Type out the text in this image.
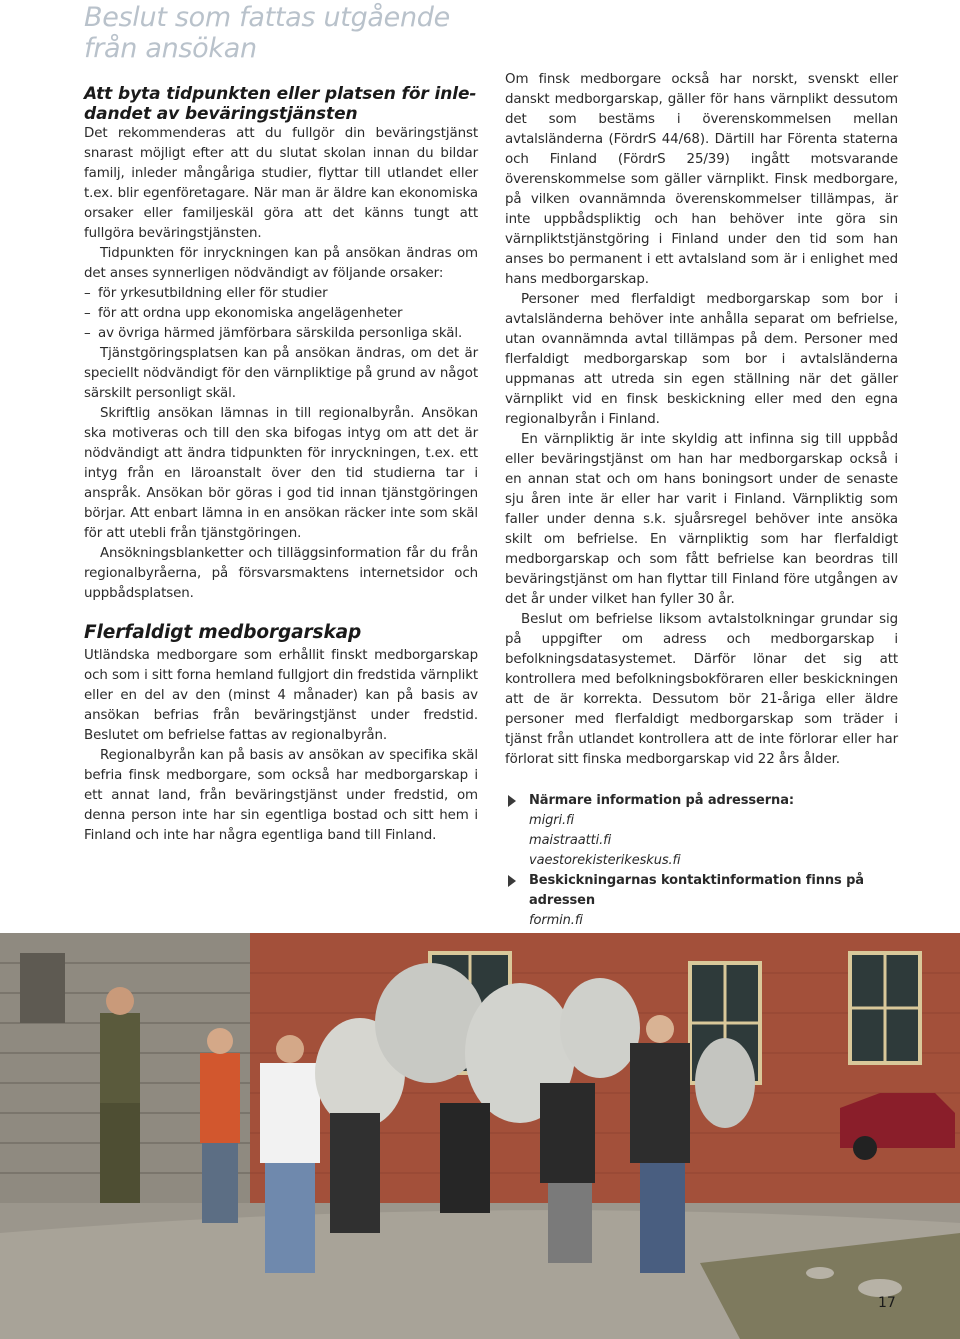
Beslut som fattas utgående
från ansökan
Att byta tidpunkten eller platsen för inle-
dandet av beväringstjänsten

Det rekommenderas att du fullgör din beväringstjänst snarast möjligt efter att du slutat skolan innan du bildar familj, inleder mångåriga studier, flyttar till utlandet eller t.ex. blir egenföretagare. När man är äldre kan ekonomiska orsaker eller familjeskäl göra att det känns tungt att fullgöra beväringstjänsten.

Tidpunkten för inryckningen kan på ansökan ändras om det anses synnerligen nödvändigt av följande orsaker:

– för yrkesutbildning eller för studier
– för att ordna upp ekonomiska angelägenheter
– av övriga härmed jämförbara särskilda personliga skäl.

Tjänstgöringsplatsen kan på ansökan ändras, om det är speciellt nödvändigt för den värnpliktige på grund av något särskilt personligt skäl.

Skriftlig ansökan lämnas in till regionalbyrån. Ansökan ska motiveras och till den ska bifogas intyg om att det är nödvändigt att ändra tidpunkten för inryckningen, t.ex. ett intyg från en läroanstalt över den tid studierna tar i anspråk. Ansökan bör göras i god tid innan tjänstgöringen börjar. Att enbart lämna in en ansökan räcker inte som skäl för att utebli från tjänstgöringen.

Ansökningsblanketter och tilläggsinformation får du från regionalbyråerna, på försvarsmaktens internetsidor och uppbådsplatsen.

Flerfaldigt medborgarskap

Utländska medborgare som erhållit finskt medborgarskap och som i sitt forna hemland fullgjort din fredstida värnplikt eller en del av den (minst 4 månader) kan på basis av ansökan befrias från beväringstjänst under fredstid. Beslutet om befrielse fattas av regionalbyrån.

Regionalbyrån kan på basis av ansökan av specifika skäl befria finsk medborgare, som också har medborgarskap i ett annat land, från beväringstjänst under fredstid, om denna person inte har sin egentliga bostad och sitt hem i Finland och inte har några egentliga band till Finland.

Om finsk medborgare också har norskt, svenskt eller danskt medborgarskap, gäller för hans värnplikt dessutom det som bestäms i överenskommelsen mellan avtalsländerna (FördrS 44/68). Därtill har Förenta staterna och Finland (FördrS 25/39) ingått motsvarande överenskommelse som gäller värnplikt. Finsk medborgare, på vilken ovannämnda överenskommelser tillämpas, är inte uppbådspliktig och han behöver inte göra sin värnpliktstjänstgöring i Finland under den tid som han anses bo permanent i ett avtalsland som är i enlighet med hans medborgarskap.

Personer med flerfaldigt medborgarskap som bor i avtalsländerna behöver inte anhålla separat om befrielse, utan ovannämnda avtal tillämpas på dem. Personer med flerfaldigt medborgarskap som bor i avtalsländerna uppmanas att utreda sin egen ställning när det gäller värnplikt vid en finsk beskickning eller med den egna regionalbyrån i Finland.

En värnpliktig är inte skyldig att infinna sig till uppbåd eller beväringstjänst om han har medborgarskap också i en annan stat och om hans boningsort under de senaste sju åren inte är eller har varit i Finland. Värnpliktig som faller under denna s.k. sjuårsregel behöver inte ansöka skilt om befrielse. En värnpliktig som har flerfaldigt medborgarskap och som fått befrielse kan beordras till beväringstjänst om han flyttar till Finland före utgången av det år under vilket han fyller 30 år.

Beslut om befrielse liksom avtalstolkningar grundar sig på uppgifter om adress och medborgarskap i befolkningsdatasystemet. Därför lönar det sig att kontrollera med befolkningsbokföraren eller beskickningen att de är korrekta. Dessutom bör 21-åriga eller äldre personer med flerfaldigt medborgarskap som träder i tjänst från utlandet kontrollera att de inte förlorar eller har förlorat sitt finska medborgarskap vid 22 års ålder.

Närmare information på adresserna:
migri.fi
maistraatti.fi
vaestorekisterikeskus.fi
Beskickningarnas kontaktinformation finns på adressen
formin.fi
17
